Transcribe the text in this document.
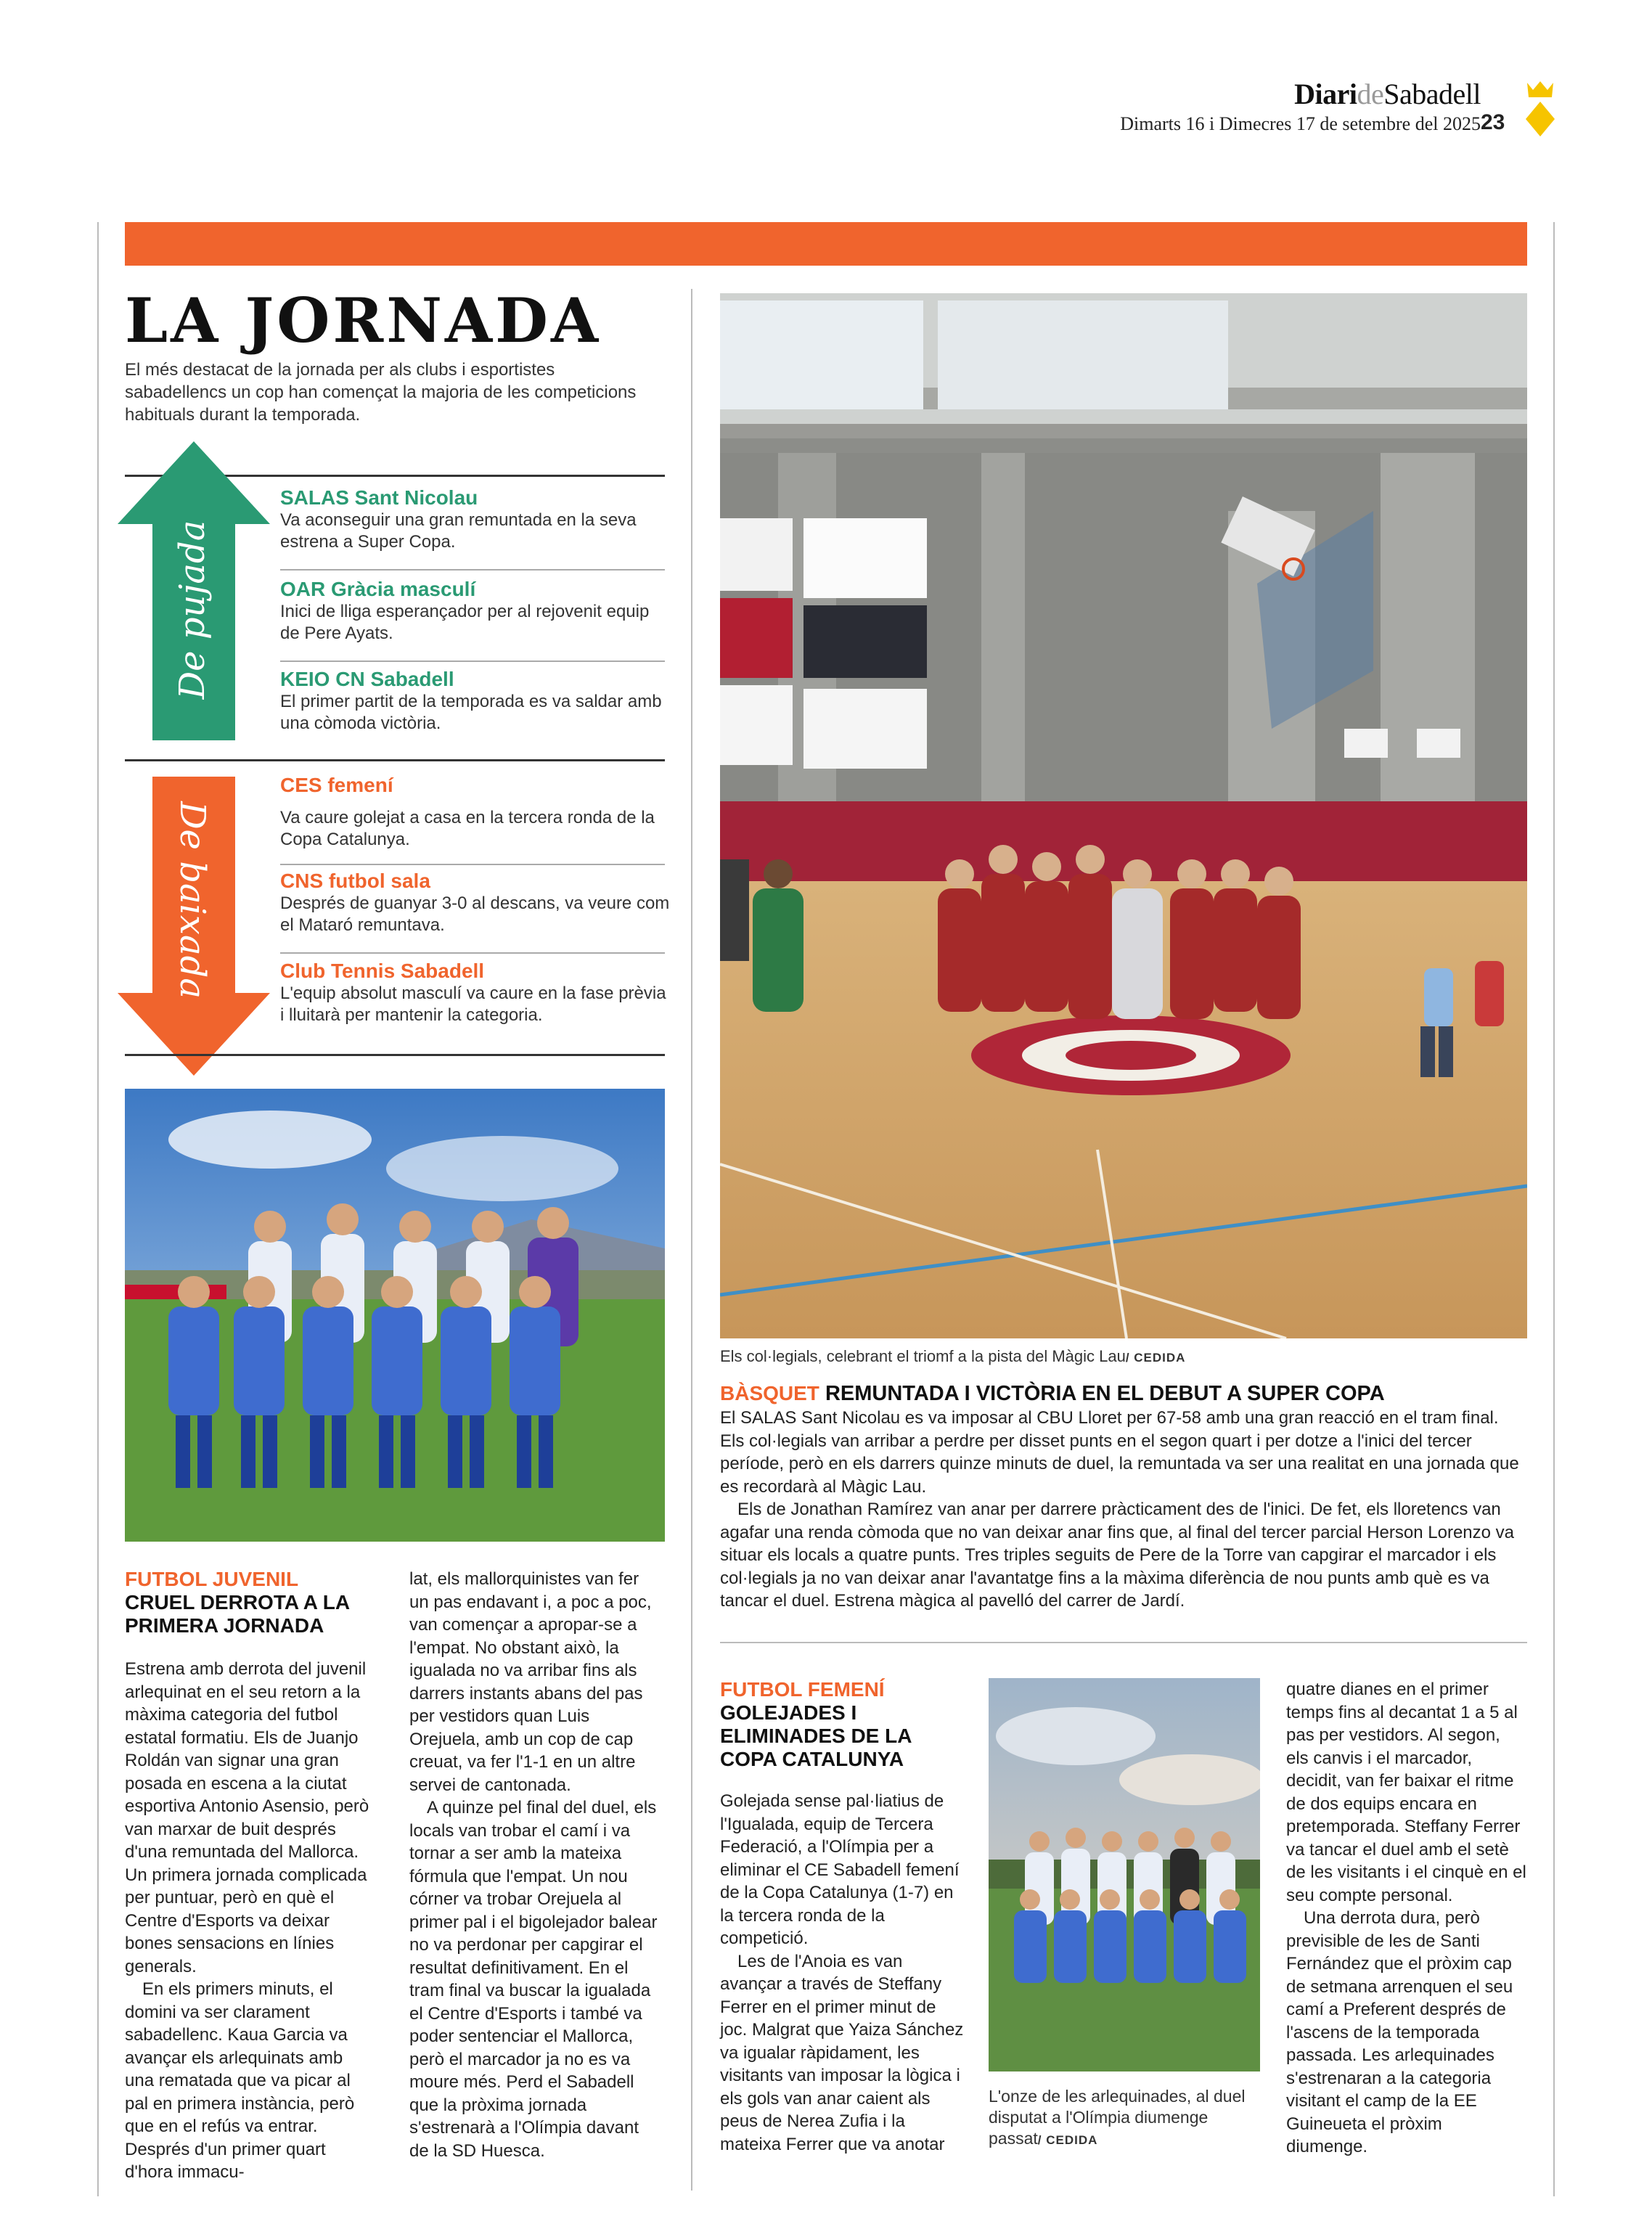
DiarideSabadell
Dimarts 16 i Dimecres 17 de setembre del 2025 23
LA JORNADA
El més destacat de la jornada per als clubs i esportistes sabadellencs un cop han començat la majoria de les competicions habituals durant la temporada.
De pujada
De baixada
SALAS Sant Nicolau
Va aconseguir una gran remuntada en la seva estrena a Super Copa.
OAR Gràcia masculí
Inici de lliga esperançador per al rejovenit equip de Pere Ayats.
KEIO CN Sabadell
El primer partit de la temporada es va saldar amb una còmoda victòria.
CES femení
Va caure golejat a casa en la tercera ronda de la Copa Catalunya.
CNS futbol sala
Després de guanyar 3-0 al descans, va veure com el Mataró remuntava.
Club Tennis Sabadell
L'equip absolut masculí va caure en la fase prèvia i lluitarà per mantenir la categoria.
Els col·legials, celebrant el triomf a la pista del Màgic Lau/ CEDIDA
BÀSQUET REMUNTADA I VICTÒRIA EN EL DEBUT A SUPER COPA

El SALAS Sant Nicolau es va imposar al CBU Lloret per 67-58 amb una gran reacció en el tram final. Els col·legials van arribar a perdre per disset punts en el segon quart i per dotze a l'inici del tercer període, però en els darrers quinze minuts de duel, la remuntada va ser una realitat en una jornada que es recordarà al Màgic Lau.

Els de Jonathan Ramírez van anar per darrere pràcticament des de l'inici. De fet, els lloretencs van agafar una renda còmoda que no van deixar anar fins que, al final del tercer parcial Herson Lorenzo va situar els locals a quatre punts. Tres triples seguits de Pere de la Torre van capgirar el marcador i els col·legials ja no van deixar anar l'avantatge fins a la màxima diferència de nou punts amb què es va tancar el duel. Estrena màgica al pavelló del carrer de Jardí.

FUTBOL JUVENIL
CRUEL DERROTA A LA PRIMERA JORNADA

Estrena amb derrota del juvenil arlequinat en el seu retorn a la màxima categoria del futbol estatal formatiu. Els de Juanjo Roldán van signar una gran posada en escena a la ciutat esportiva Antonio Asensio, però van marxar de buit després d'una remuntada del Mallorca. Un primera jornada complicada per puntuar, però en què el Centre d'Esports va deixar bones sensacions en línies generals.

En els primers minuts, el domini va ser clarament sabadellenc. Kaua Garcia va avançar els arlequinats amb una rematada que va picar al pal en primera instància, però que en el refús va entrar. Després d'un primer quart d'hora immacu-

lat, els mallorquinistes van fer un pas endavant i, a poc a poc, van començar a apropar-se a l'empat. No obstant això, la igualada no va arribar fins als darrers instants abans del pas per vestidors quan Luis Orejuela, amb un cop de cap creuat, va fer l'1-1 en un altre servei de cantonada.

A quinze pel final del duel, els locals van trobar el camí i va tornar a ser amb la mateixa fórmula que l'empat. Un nou córner va trobar Orejuela al primer pal i el bigolejador balear no va perdonar per capgirar el resultat definitivament. En el tram final va buscar la igualada el Centre d'Esports i també va poder sentenciar el Mallorca, però el marcador ja no es va moure més. Perd el Sabadell que la pròxima jornada s'estrenarà a l'Olímpia davant de la SD Huesca.

FUTBOL FEMENÍ
GOLEJADES I ELIMINADES DE LA COPA CATALUNYA

Golejada sense pal·liatius de l'Igualada, equip de Tercera Federació, a l'Olímpia per a eliminar el CE Sabadell femení de la Copa Catalunya (1-7) en la tercera ronda de la competició.

Les de l'Anoia es van avançar a través de Steffany Ferrer en el primer minut de joc. Malgrat que Yaiza Sánchez va igualar ràpidament, les visitants van imposar la lògica i els gols van anar caient als peus de Nerea Zufia i la mateixa Ferrer que va anotar

L'onze de les arlequinades, al duel disputat a l'Olímpia diumenge passat/ CEDIDA

quatre dianes en el primer temps fins al decantat 1 a 5 al pas per vestidors. Al segon, els canvis i el marcador, decidit, van fer baixar el ritme de dos equips encara en pretemporada. Steffany Ferrer va tancar el duel amb el setè de les visitants i el cinquè en el seu compte personal.

Una derrota dura, però previsible de les de Santi Fernández que el pròxim cap de setmana arrenquen el seu camí a Preferent després de l'ascens de la temporada passada. Les arlequinades s'estrenaran a la categoria visitant el camp de la EE Guineueta el pròxim diumenge.
